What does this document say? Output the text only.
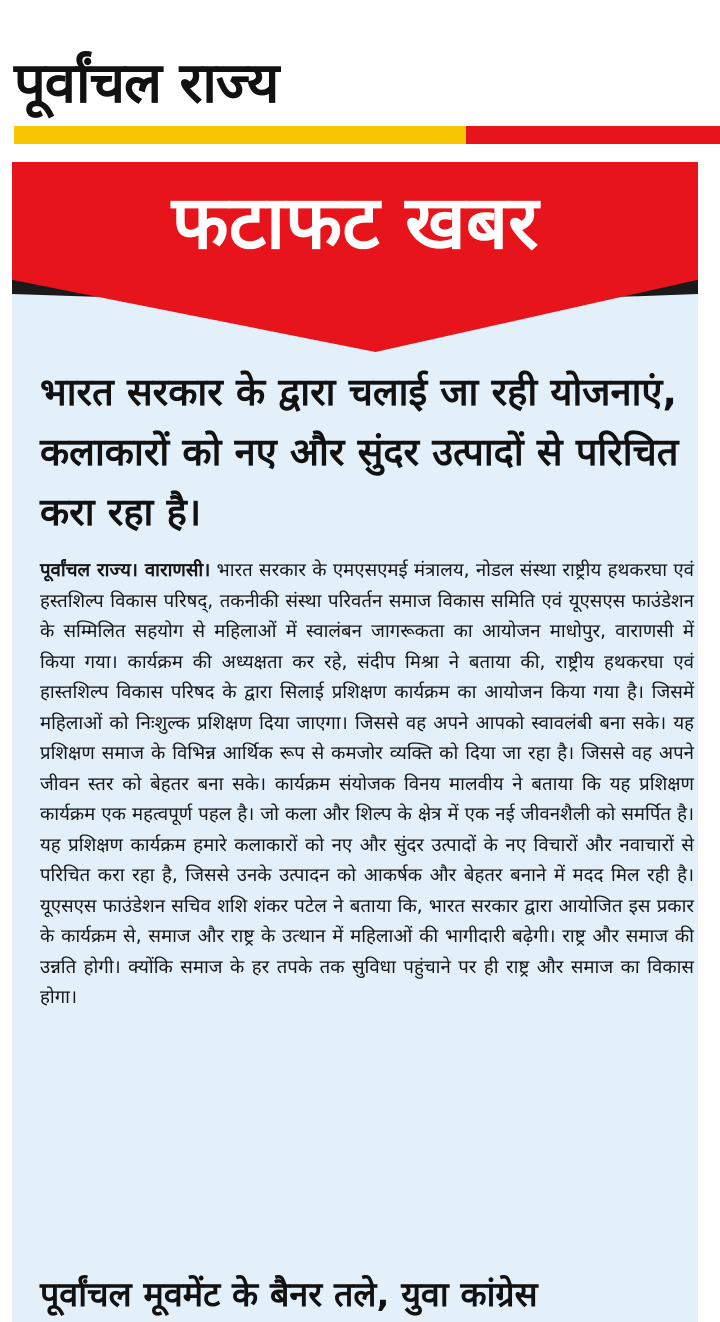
पूर्वांचल राज्य
फटाफट खबर
भारत सरकार के द्वारा चलाई जा रही योजनाएं, कलाकारों को नए और सुंदर उत्पादों से परिचित करा रहा है।
पूर्वांचल राज्य। वाराणसी। भारत सरकार के एमएसएमई मंत्रालय, नोडल संस्था राष्ट्रीय हथकरघा एवं हस्तशिल्प विकास परिषद्, तकनीकी संस्था परिवर्तन समाज विकास समिति एवं यूएसएस फाउंडेशन के सम्मिलित सहयोग से महिलाओं में स्वालंबन जागरूकता का आयोजन माधोपुर, वाराणसी में किया गया। कार्यक्रम की अध्यक्षता कर रहे, संदीप मिश्रा ने बताया की, राष्ट्रीय हथकरघा एवं हास्तशिल्प विकास परिषद के द्वारा सिलाई प्रशिक्षण कार्यक्रम का आयोजन किया गया है। जिसमें महिलाओं को निःशुल्क प्रशिक्षण दिया जाएगा। जिससे वह अपने आपको स्वावलंबी बना सके। यह प्रशिक्षण समाज के विभिन्न आर्थिक रूप से कमजोर व्यक्ति को दिया जा रहा है। जिससे वह अपने जीवन स्तर को बेहतर बना सके। कार्यक्रम संयोजक विनय मालवीय ने बताया कि यह प्रशिक्षण कार्यक्रम एक महत्वपूर्ण पहल है। जो कला और शिल्प के क्षेत्र में एक नई जीवनशैली को समर्पित है। यह प्रशिक्षण कार्यक्रम हमारे कलाकारों को नए और सुंदर उत्पादों के नए विचारों और नवाचारों से परिचित करा रहा है, जिससे उनके उत्पादन को आकर्षक और बेहतर बनाने में मदद मिल रही है। यूएसएस फाउंडेशन सचिव शशि शंकर पटेल ने बताया कि, भारत सरकार द्वारा आयोजित इस प्रकार के कार्यक्रम से, समाज और राष्ट्र के उत्थान में महिलाओं की भागीदारी बढ़ेगी। राष्ट्र और समाज की उन्नति होगी। क्योंकि समाज के हर तपके तक सुविधा पहुंचाने पर ही राष्ट्र और समाज का विकास होगा।
पूर्वांचल मूवमेंट के बैनर तले, युवा कांग्रेस
